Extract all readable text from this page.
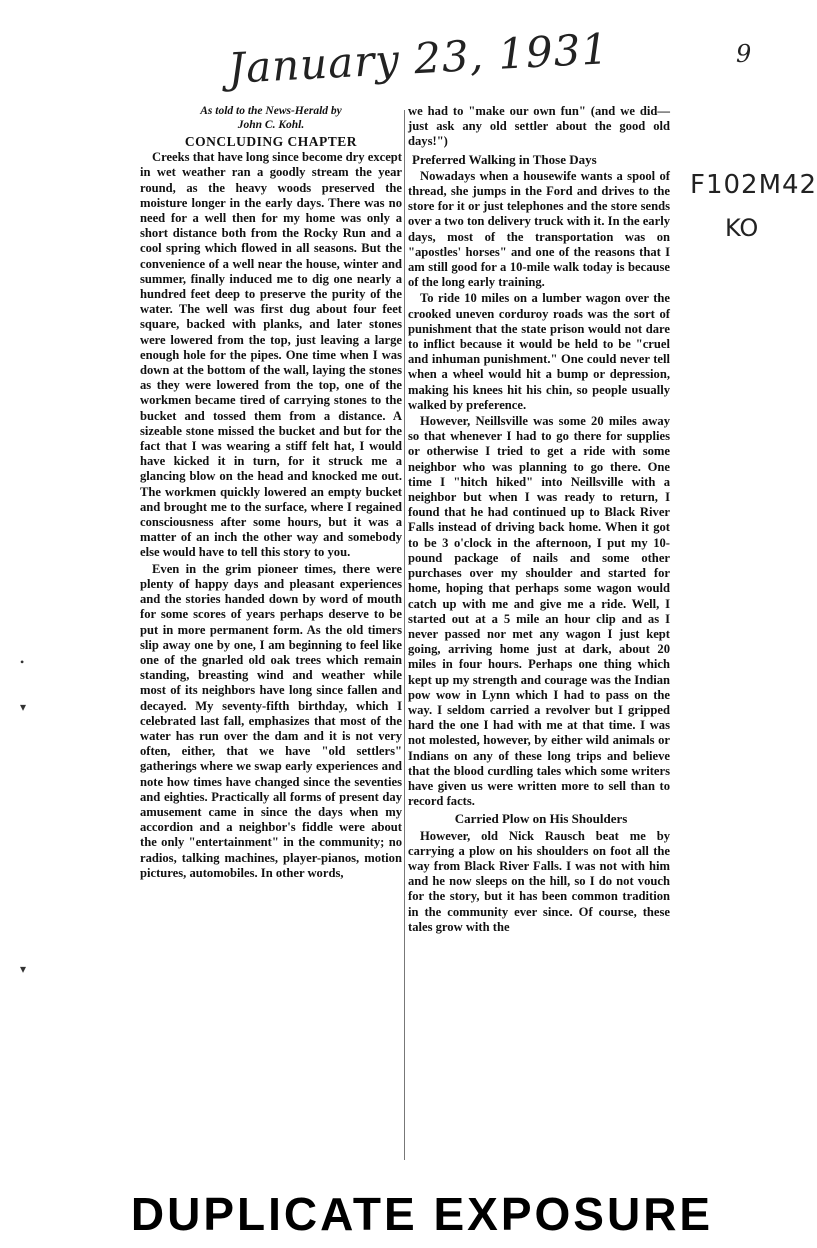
January 23, 1931	9
F102M42
KO
•
▾
▾
As told to the News-Herald by
John C. Kohl.
CONCLUDING CHAPTER

Creeks that have long since become dry except in wet weather ran a goodly stream the year round, as the heavy woods preserved the moisture longer in the early days. There was no need for a well then for my home was only a short distance both from the Rocky Run and a cool spring which flowed in all seasons. But the convenience of a well near the house, winter and summer, finally induced me to dig one nearly a hundred feet deep to preserve the purity of the water. The well was first dug about four feet square, backed with planks, and later stones were lowered from the top, just leaving a large enough hole for the pipes. One time when I was down at the bottom of the wall, laying the stones as they were lowered from the top, one of the workmen became tired of carrying stones to the bucket and tossed them from a distance. A sizeable stone missed the bucket and but for the fact that I was wearing a stiff felt hat, I would have kicked it in turn, for it struck me a glancing blow on the head and knocked me out. The workmen quickly lowered an empty bucket and brought me to the surface, where I regained consciousness after some hours, but it was a matter of an inch the other way and somebody else would have to tell this story to you.

Even in the grim pioneer times, there were plenty of happy days and pleasant experiences and the stories handed down by word of mouth for some scores of years perhaps deserve to be put in more permanent form. As the old timers slip away one by one, I am beginning to feel like one of the gnarled old oak trees which remain standing, breasting wind and weather while most of its neighbors have long since fallen and decayed. My seventy-fifth birthday, which I celebrated last fall, emphasizes that most of the water has run over the dam and it is not very often, either, that we have "old settlers" gatherings where we swap early experiences and note how times have changed since the seventies and eighties. Practically all forms of present day amusement came in since the days when my accordion and a neighbor's fiddle were about the only "entertainment" in the community; no radios, talking machines, player-pianos, motion pictures, automobiles. In other words,

we had to "make our own fun" (and we did—just ask any old settler about the good old days!")

Preferred Walking in Those Days

Nowadays when a housewife wants a spool of thread, she jumps in the Ford and drives to the store for it or just telephones and the store sends over a two ton delivery truck with it. In the early days, most of the transportation was on "apostles' horses" and one of the reasons that I am still good for a 10-mile walk today is because of the long early training.

To ride 10 miles on a lumber wagon over the crooked uneven corduroy roads was the sort of punishment that the state prison would not dare to inflict because it would be held to be "cruel and inhuman punishment." One could never tell when a wheel would hit a bump or depression, making his knees hit his chin, so people usually walked by preference.

However, Neillsville was some 20 miles away so that whenever I had to go there for supplies or otherwise I tried to get a ride with some neighbor who was planning to go there. One time I "hitch hiked" into Neillsville with a neighbor but when I was ready to return, I found that he had continued up to Black River Falls instead of driving back home. When it got to be 3 o'clock in the afternoon, I put my 10-pound package of nails and some other purchases over my shoulder and started for home, hoping that perhaps some wagon would catch up with me and give me a ride. Well, I started out at a 5 mile an hour clip and as I never passed nor met any wagon I just kept going, arriving home just at dark, about 20 miles in four hours. Perhaps one thing which kept up my strength and courage was the Indian pow wow in Lynn which I had to pass on the way. I seldom carried a revolver but I gripped hard the one I had with me at that time. I was not molested, however, by either wild animals or Indians on any of these long trips and believe that the blood curdling tales which some writers have given us were written more to sell than to record facts.

Carried Plow on His Shoulders

However, old Nick Rausch beat me by carrying a plow on his shoulders on foot all the way from Black River Falls. I was not with him and he now sleeps on the hill, so I do not vouch for the story, but it has been common tradition in the community ever since. Of course, these tales grow with the

DUPLICATE EXPOSURE
